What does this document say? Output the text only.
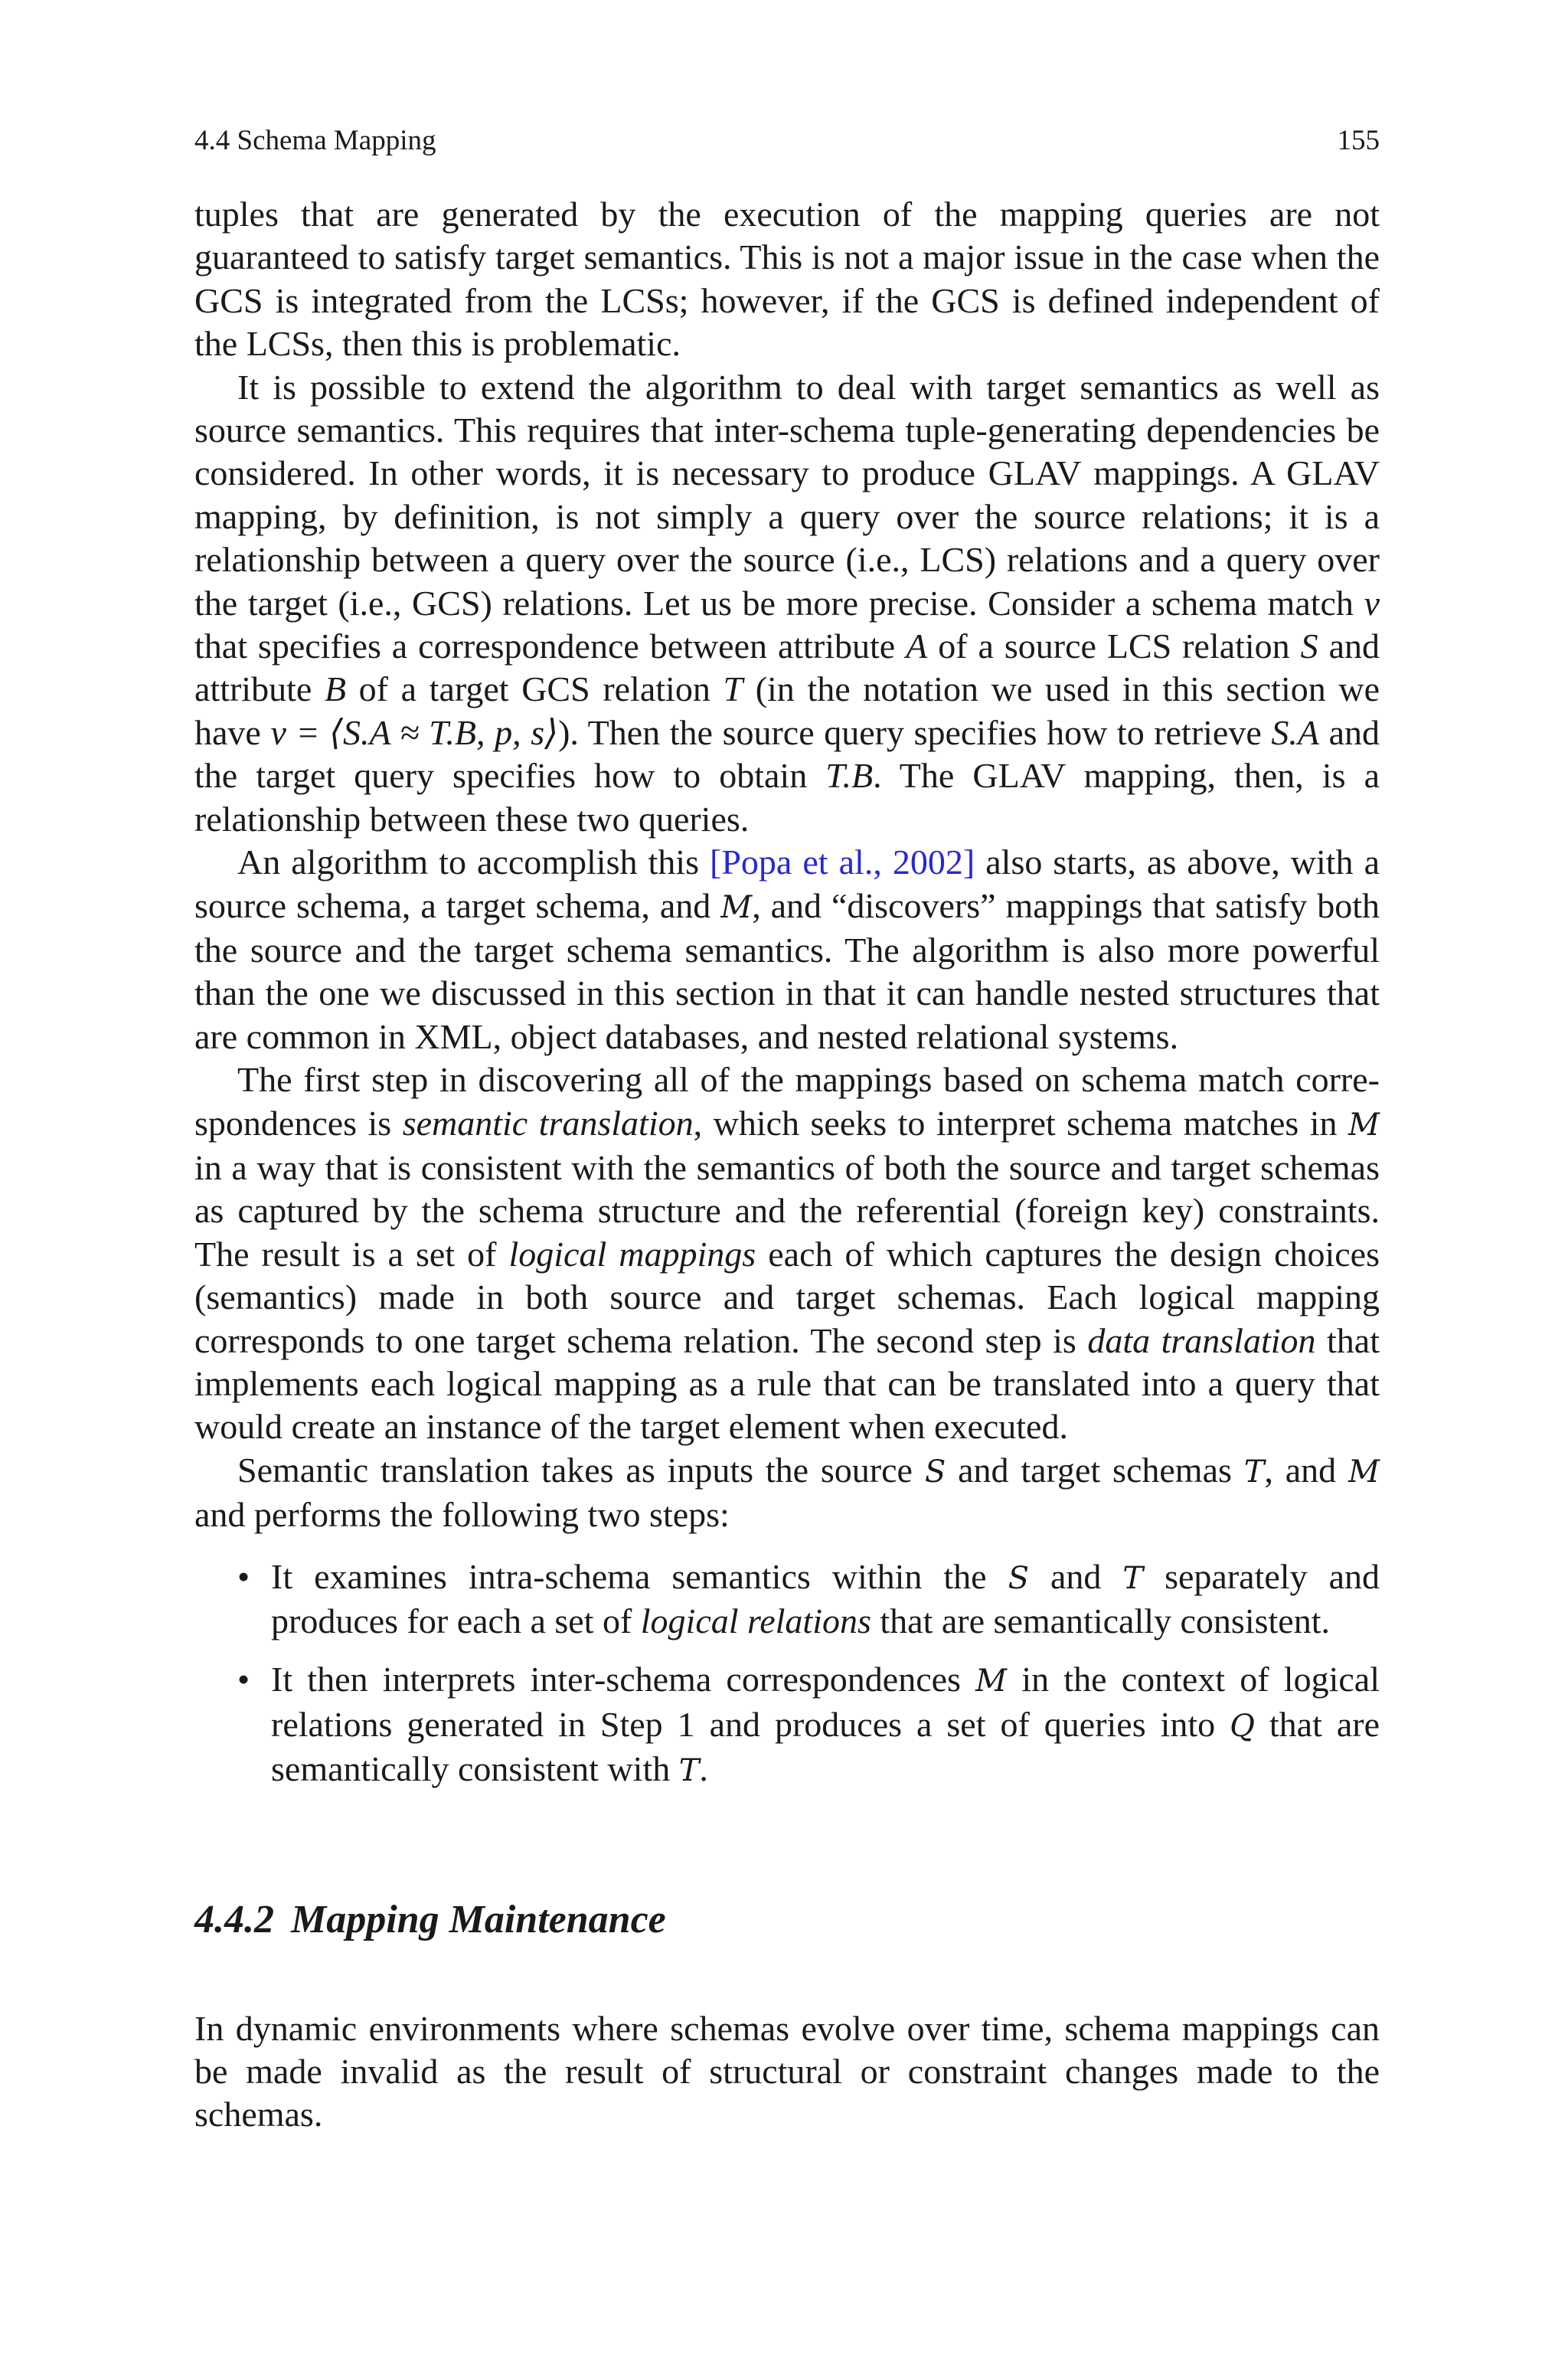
4.4 Schema Mapping	155

tuples that are generated by the execution of the mapping queries are not guaranteed to satisfy target semantics. This is not a major issue in the case when the GCS is integrated from the LCSs; however, if the GCS is defined independent of the LCSs, then this is problematic.

It is possible to extend the algorithm to deal with target semantics as well as source semantics. This requires that inter-schema tuple-generating dependencies be considered. In other words, it is necessary to produce GLAV mappings. A GLAV mapping, by definition, is not simply a query over the source relations; it is a relationship between a query over the source (i.e., LCS) relations and a query over the target (i.e., GCS) relations. Let us be more precise. Consider a schema match v that specifies a correspondence between attribute A of a source LCS relation S and attribute B of a target GCS relation T (in the notation we used in this section we have v = ⟨S.A ≈ T.B, p, s⟩). Then the source query specifies how to retrieve S.A and the target query specifies how to obtain T.B. The GLAV mapping, then, is a relationship between these two queries.

An algorithm to accomplish this [Popa et al., 2002] also starts, as above, with a source schema, a target schema, and M, and “discovers” mappings that satisfy both the source and the target schema semantics. The algorithm is also more powerful than the one we discussed in this section in that it can handle nested structures that are common in XML, object databases, and nested relational systems.

The first step in discovering all of the mappings based on schema match correspondences is semantic translation, which seeks to interpret schema matches in M in a way that is consistent with the semantics of both the source and target schemas as captured by the schema structure and the referential (foreign key) constraints. The result is a set of logical mappings each of which captures the design choices (semantics) made in both source and target schemas. Each logical mapping corresponds to one target schema relation. The second step is data translation that implements each logical mapping as a rule that can be translated into a query that would create an instance of the target element when executed.

Semantic translation takes as inputs the source S and target schemas T, and M and performs the following two steps:

• It examines intra-schema semantics within the S and T separately and produces for each a set of logical relations that are semantically consistent.
• It then interprets inter-schema correspondences M in the context of logical relations generated in Step 1 and produces a set of queries into Q that are semantically consistent with T.
4.4.2 Mapping Maintenance

In dynamic environments where schemas evolve over time, schema mappings can be made invalid as the result of structural or constraint changes made to the schemas.
